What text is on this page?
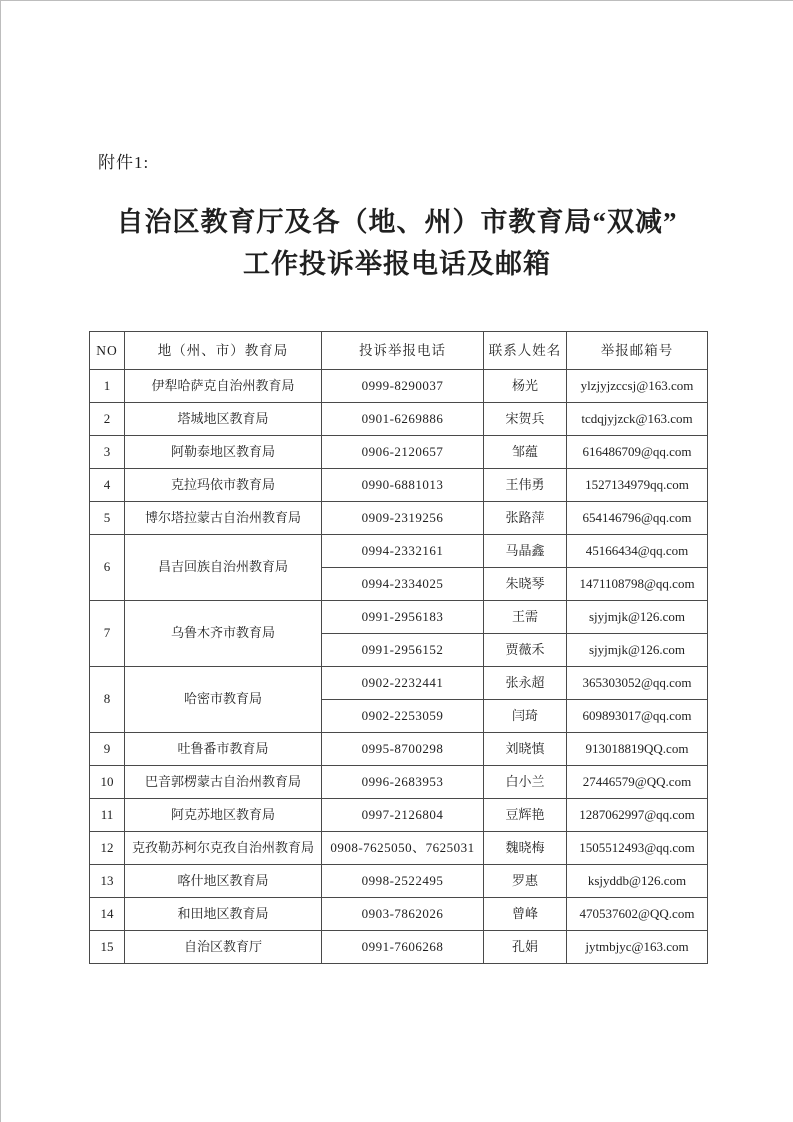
附件1:
自治区教育厅及各（地、州）市教育局“双减”
工作投诉举报电话及邮箱
NO	地（州、市）教育局	投诉举报电话	联系人姓名	举报邮箱号
1	伊犁哈萨克自治州教育局	0999-8290037	杨光	ylzjyjzccsj@163.com
2	塔城地区教育局	0901-6269886	宋贺兵	tcdqjyjzck@163.com
3	阿勒泰地区教育局	0906-2120657	邹蕴	616486709@qq.com
4	克拉玛依市教育局	0990-6881013	王伟勇	1527134979qq.com
5	博尔塔拉蒙古自治州教育局	0909-2319256	张路萍	654146796@qq.com
6	昌吉回族自治州教育局	0994-2332161	马晶鑫	45166434@qq.com
		0994-2334025	朱晓琴	1471108798@qq.com
7	乌鲁木齐市教育局	0991-2956183	王需	sjyjmjk@126.com
		0991-2956152	贾薇禾	sjyjmjk@126.com
8	哈密市教育局	0902-2232441	张永超	365303052@qq.com
		0902-2253059	闫琦	609893017@qq.com
9	吐鲁番市教育局	0995-8700298	刘晓慎	913018819QQ.com
10	巴音郭楞蒙古自治州教育局	0996-2683953	白小兰	27446579@QQ.com
11	阿克苏地区教育局	0997-2126804	豆辉艳	1287062997@qq.com
12	克孜勒苏柯尔克孜自治州教育局	0908-7625050、7625031	魏晓梅	1505512493@qq.com
13	喀什地区教育局	0998-2522495	罗惠	ksjyddb@126.com
14	和田地区教育局	0903-7862026	曾峰	470537602@QQ.com
15	自治区教育厅	0991-7606268	孔娟	jytmbjyc@163.com
